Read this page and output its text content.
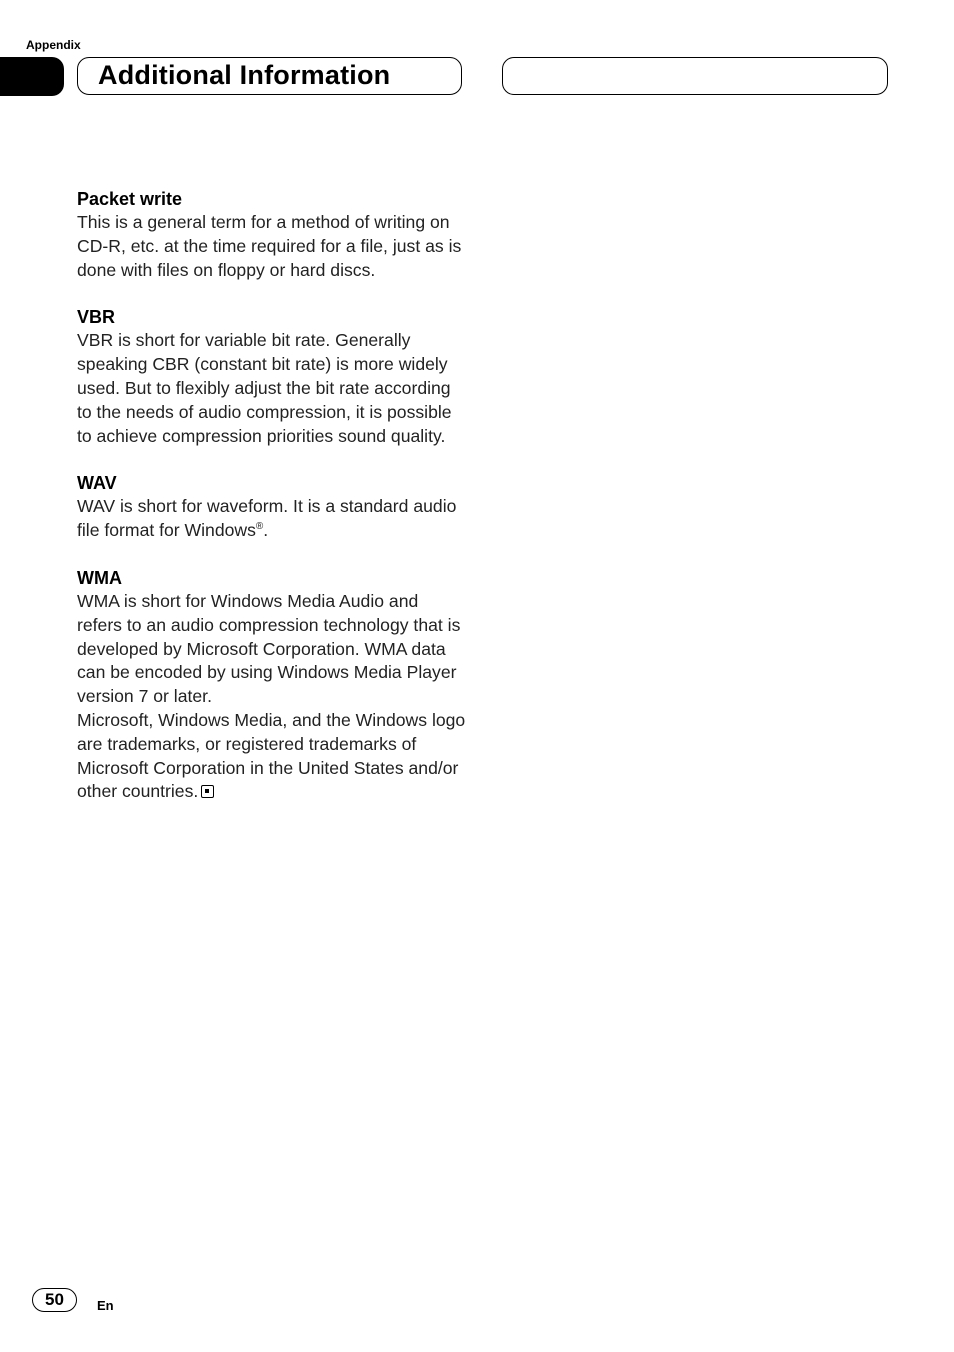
Appendix
Additional Information

Packet write

This is a general term for a method of writing on CD-R, etc. at the time required for a file, just as is done with files on floppy or hard discs.

VBR

VBR is short for variable bit rate. Generally speaking CBR (constant bit rate) is more widely used. But to flexibly adjust the bit rate according to the needs of audio compression, it is possible to achieve compression priorities sound quality.

WAV

WAV is short for waveform. It is a standard audio file format for Windows®.

WMA

WMA is short for Windows Media Audio and refers to an audio compression technology that is developed by Microsoft Corporation. WMA data can be encoded by using Windows Media Player version 7 or later.

Microsoft, Windows Media, and the Windows logo are trademarks, or registered trademarks of Microsoft Corporation in the United States and/or other countries.

50	En
